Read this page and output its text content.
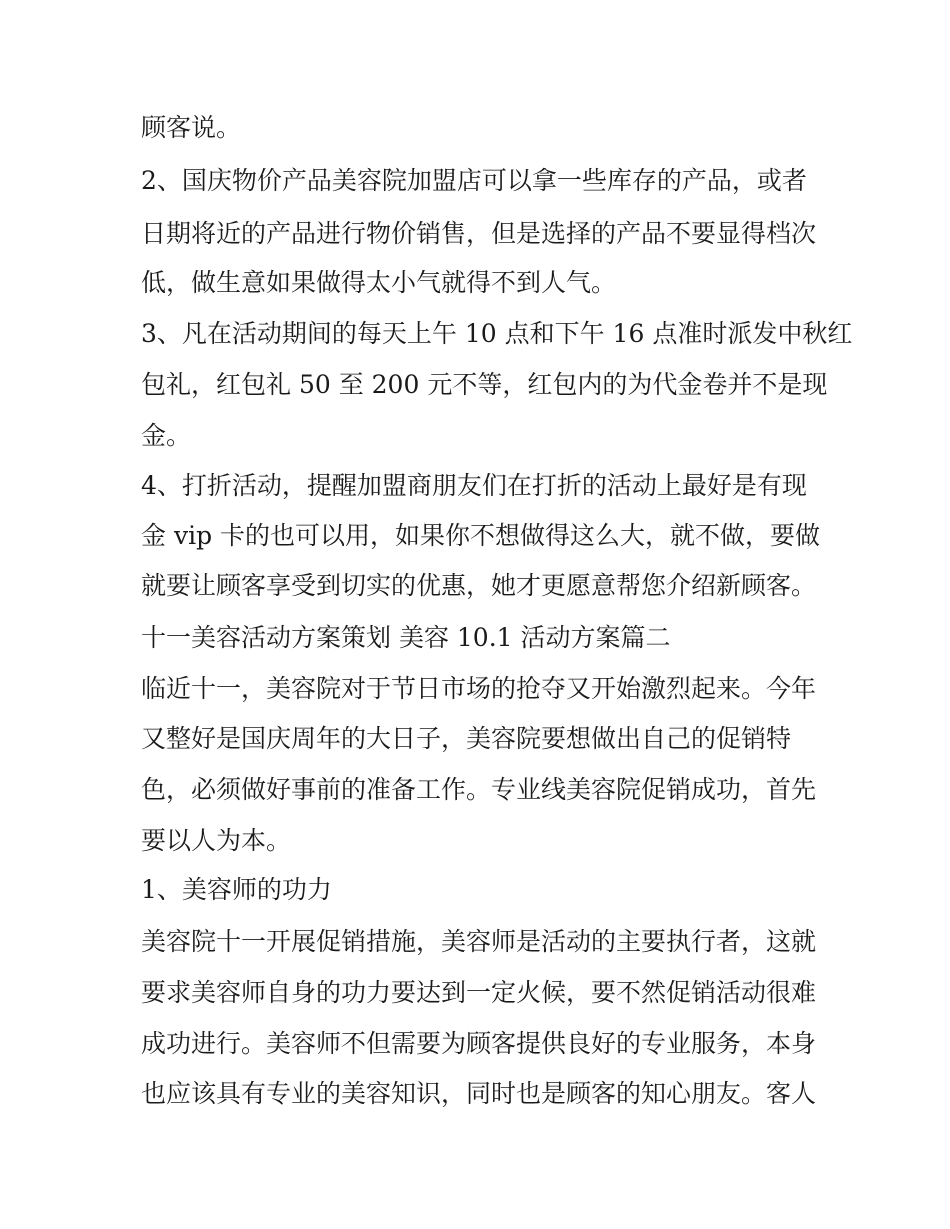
顾客说。
2、国庆物价产品美容院加盟店可以拿一些库存的产品，或者
日期将近的产品进行物价销售，但是选择的产品不要显得档次
低，做生意如果做得太小气就得不到人气。
3、凡在活动期间的每天上午 10 点和下午 16 点准时派发中秋红
包礼，红包礼 50 至 200 元不等，红包内的为代金卷并不是现
金。
4、打折活动，提醒加盟商朋友们在打折的活动上最好是有现
金 vip 卡的也可以用，如果你不想做得这么大，就不做，要做
就要让顾客享受到切实的优惠，她才更愿意帮您介绍新顾客。
十一美容活动方案策划 美容 10.1 活动方案篇二
临近十一，美容院对于节日市场的抢夺又开始激烈起来。今年
又整好是国庆周年的大日子，美容院要想做出自己的促销特
色，必须做好事前的准备工作。专业线美容院促销成功，首先
要以人为本。
1、美容师的功力
美容院十一开展促销措施，美容师是活动的主要执行者，这就
要求美容师自身的功力要达到一定火候，要不然促销活动很难
成功进行。美容师不但需要为顾客提供良好的专业服务，本身
也应该具有专业的美容知识，同时也是顾客的知心朋友。客人
